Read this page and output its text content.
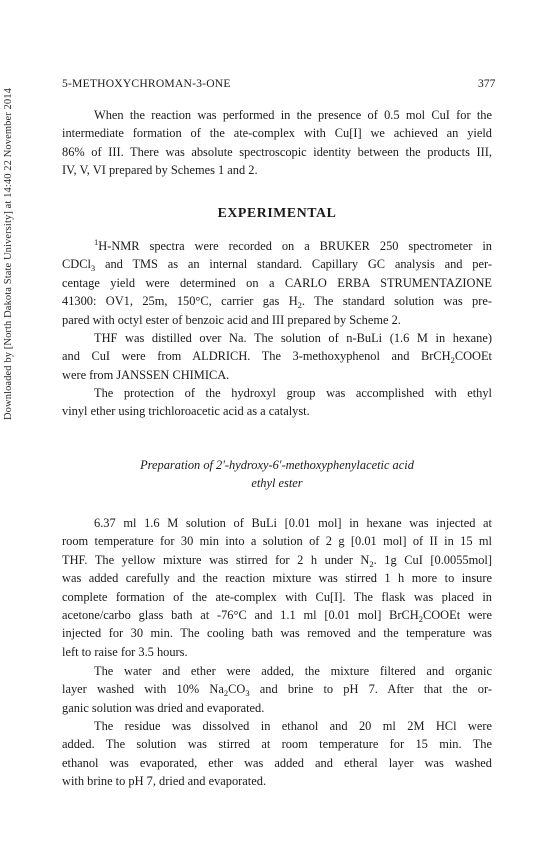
Downloaded by [North Dakota State University] at 14:40 22 November 2014
5-METHOXYCHROMAN-3-ONE	377
When the reaction was performed in the presence of 0.5 mol CuI for the
intermediate formation of the ate-complex with Cu[I] we achieved an yield
86% of III. There was absolute spectroscopic identity between the products III,
IV, V, VI prepared by Schemes 1 and 2.
EXPERIMENTAL
$^1$H-NMR spectra were recorded on a BRUKER 250 spectrometer in
CDCl$_3$ and TMS as an internal standard. Capillary GC analysis and per-
centage yield were determined on a CARLO ERBA STRUMENTAZIONE
41300: OV1, 25m, 150°C, carrier gas $H_2$. The standard solution was pre-
pared with octyl ester of benzoic acid and III prepared by Scheme 2.
THF was distilled over Na. The solution of n-BuLi (1.6 M in hexane)
and CuI were from ALDRICH. The 3-methoxyphenol and BrCH$_2$COOEt
were from JANSSEN CHIMICA.
The protection of the hydroxyl group was accomplished with ethyl
vinyl ether using trichloroacetic acid as a catalyst.
Preparation of 2'-hydroxy-6'-methoxyphenylacetic acid
ethyl ester
6.37 ml 1.6 M solution of BuLi [0.01 mol] in hexane was injected at
room temperature for 30 min into a solution of 2 g [0.01 mol] of II in 15 ml
THF. The yellow mixture was stirred for 2 h under $N_2$. 1g CuI [0.0055mol]
was added carefully and the reaction mixture was stirred 1 h more to insure
complete formation of the ate-complex with Cu[I]. The flask was placed in
acetone/carbo glass bath at -76°C and 1.1 ml [0.01 mol] BrCH$_2$COOEt were
injected for 30 min. The cooling bath was removed and the temperature was
left to raise for 3.5 hours.
The water and ether were added, the mixture filtered and organic
layer washed with 10% $Na_2CO_3$ and brine to pH 7. After that the or-
ganic solution was dried and evaporated.
The residue was dissolved in ethanol and 20 ml 2M HCl were
added. The solution was stirred at room temperature for 15 min. The
ethanol was evaporated, ether was added and etheral layer was washed
with brine to pH 7, dried and evaporated.
